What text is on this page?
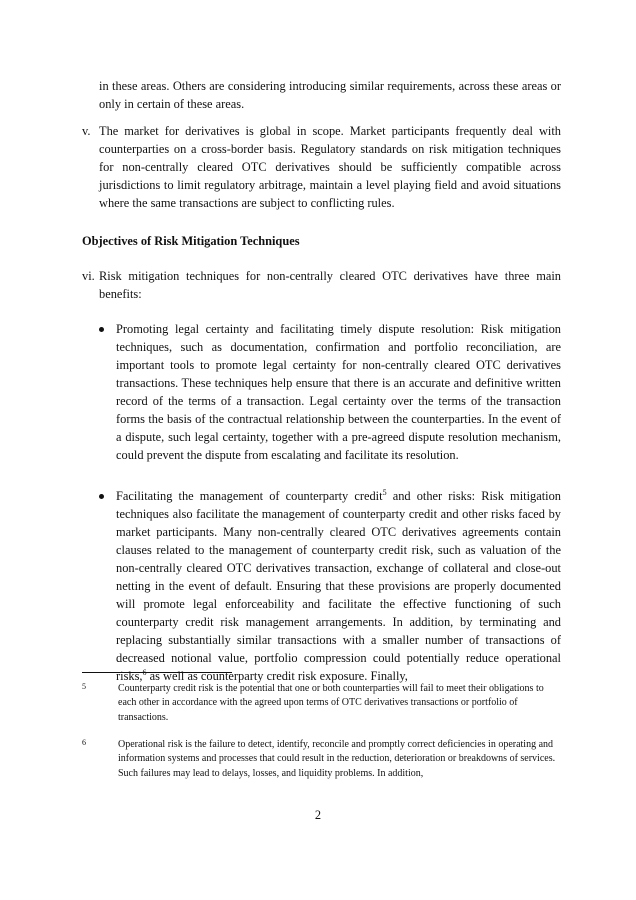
in these areas. Others are considering introducing similar requirements, across these areas or only in certain of these areas.

v. The market for derivatives is global in scope. Market participants frequently deal with counterparties on a cross-border basis. Regulatory standards on risk mitigation techniques for non-centrally cleared OTC derivatives should be sufficiently compatible across jurisdictions to limit regulatory arbitrage, maintain a level playing field and avoid situations where the same transactions are subject to conflicting rules.

Objectives of Risk Mitigation Techniques

vi. Risk mitigation techniques for non-centrally cleared OTC derivatives have three main benefits:

Promoting legal certainty and facilitating timely dispute resolution: Risk mitigation techniques, such as documentation, confirmation and portfolio reconciliation, are important tools to promote legal certainty for non-centrally cleared OTC derivatives transactions. These techniques help ensure that there is an accurate and definitive written record of the terms of a transaction. Legal certainty over the terms of the transaction forms the basis of the contractual relationship between the counterparties. In the event of a dispute, such legal certainty, together with a pre-agreed dispute resolution mechanism, could prevent the dispute from escalating and facilitate its resolution.

Facilitating the management of counterparty credit$^5$ and other risks: Risk mitigation techniques also facilitate the management of counterparty credit and other risks faced by market participants. Many non-centrally cleared OTC derivatives agreements contain clauses related to the management of counterparty credit risk, such as valuation of the non-centrally cleared OTC derivatives transaction, exchange of collateral and close-out netting in the event of default. Ensuring that these provisions are properly documented will promote legal enforceability and facilitate the effective functioning of such counterparty credit risk management arrangements. In addition, by terminating and replacing substantially similar transactions with a smaller number of transactions of decreased notional value, portfolio compression could potentially reduce operational risks,$^6$ as well as counterparty credit risk exposure. Finally,

5	Counterparty credit risk is the potential that one or both counterparties will fail to meet their obligations to each other in accordance with the agreed upon terms of OTC derivatives transactions or portfolio of transactions.

6	Operational risk is the failure to detect, identify, reconcile and promptly correct deficiencies in operating and information systems and processes that could result in the reduction, deterioration or breakdowns of services. Such failures may lead to delays, losses, and liquidity problems. In addition,

2
